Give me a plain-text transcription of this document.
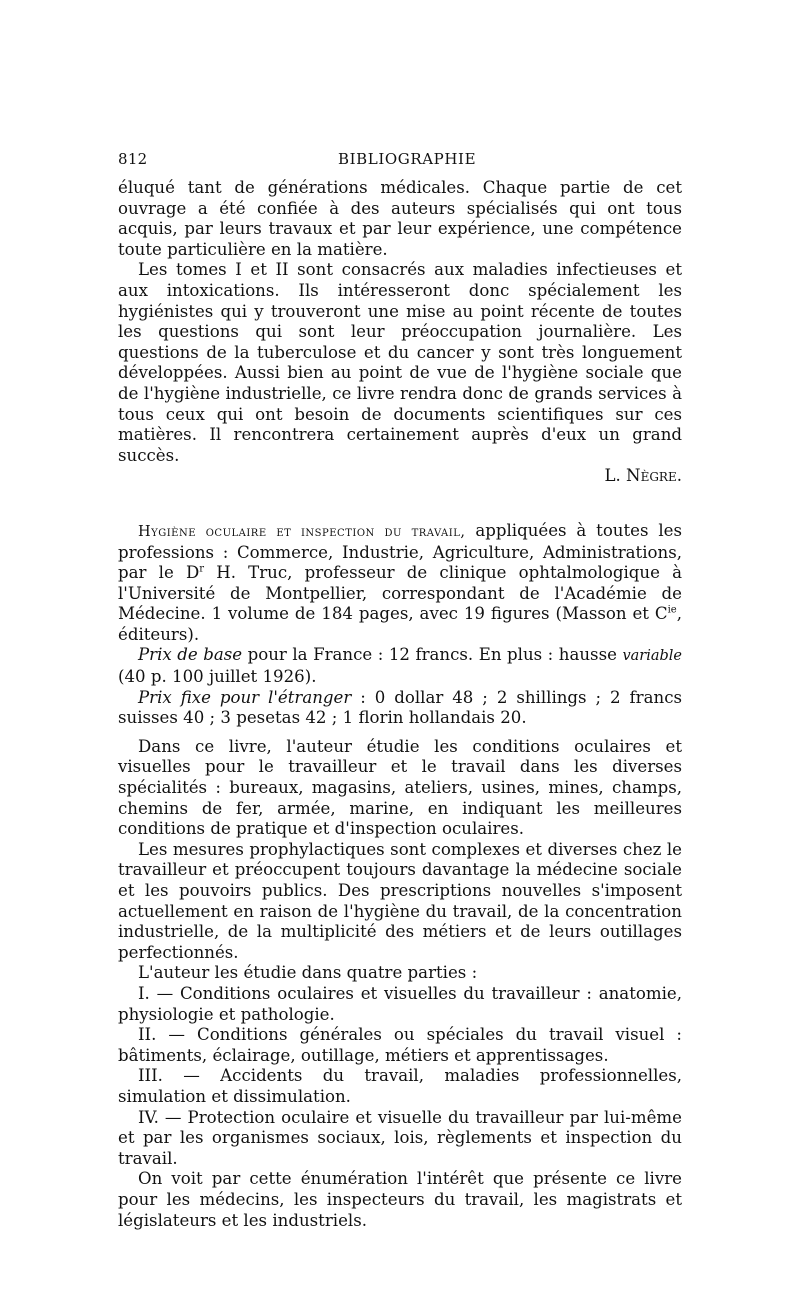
812	BIBLIOGRAPHIE

éluqué tant de générations médicales. Chaque partie de cet ouvrage a été confiée à des auteurs spécialisés qui ont tous acquis, par leurs travaux et par leur expérience, une compétence toute particulière en la matière.

Les tomes I et II sont consacrés aux maladies infectieuses et aux intoxications. Ils intéresseront donc spécialement les hygiénistes qui y trouveront une mise au point récente de toutes les questions qui sont leur préoccupation journalière. Les questions de la tuberculose et du cancer y sont très longuement développées. Aussi bien au point de vue de l'hygiène sociale que de l'hygiène industrielle, ce livre rendra donc de grands services à tous ceux qui ont besoin de documents scientifiques sur ces matières. Il rencontrera certainement auprès d'eux un grand succès.

L. Nègre.

Hygiène oculaire et inspection du travail, appliquées à toutes les professions : Commerce, Industrie, Agriculture, Administrations, par le $D^r$ H. Truc, professeur de clinique ophtalmologique à l'Université de Montpellier, correspondant de l'Académie de Médecine. 1 volume de 184 pages, avec 19 figures (Masson et $C^{ie}$, éditeurs).

Prix de base pour la France : 12 francs. En plus : hausse variable (40 p. 100 juillet 1926).

Prix fixe pour l'étranger : 0 dollar 48 ; 2 shillings ; 2 francs suisses 40 ; 3 pesetas 42 ; 1 florin hollandais 20.

Dans ce livre, l'auteur étudie les conditions oculaires et visuelles pour le travailleur et le travail dans les diverses spécialités : bureaux, magasins, ateliers, usines, mines, champs, chemins de fer, armée, marine, en indiquant les meilleures conditions de pratique et d'inspection oculaires.

Les mesures prophylactiques sont complexes et diverses chez le travailleur et préoccupent toujours davantage la médecine sociale et les pouvoirs publics. Des prescriptions nouvelles s'imposent actuellement en raison de l'hygiène du travail, de la concentration industrielle, de la multiplicité des métiers et de leurs outillages perfectionnés.

L'auteur les étudie dans quatre parties :

I. — Conditions oculaires et visuelles du travailleur : anatomie, physiologie et pathologie.

II. — Conditions générales ou spéciales du travail visuel : bâtiments, éclairage, outillage, métiers et apprentissages.

III. — Accidents du travail, maladies professionnelles, simulation et dissimulation.

IV. — Protection oculaire et visuelle du travailleur par lui-même et par les organismes sociaux, lois, règlements et inspection du travail.

On voit par cette énumération l'intérêt que présente ce livre pour les médecins, les inspecteurs du travail, les magistrats et législateurs et les industriels.
